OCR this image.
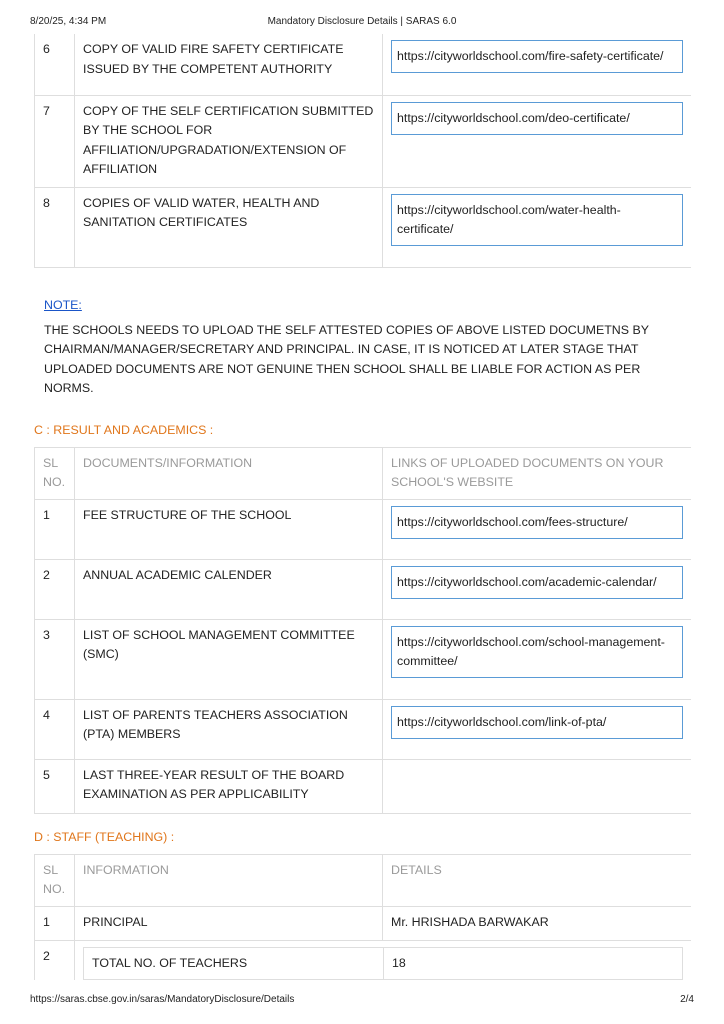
8/20/25, 4:34 PM	Mandatory Disclosure Details | SARAS 6.0
6	COPY OF VALID FIRE SAFETY CERTIFICATE ISSUED BY THE COMPETENT AUTHORITY	https://cityworldschool.com/fire-safety-certificate/

7	COPY OF THE SELF CERTIFICATION SUBMITTED BY THE SCHOOL FOR AFFILIATION/UPGRADATION/EXTENSION OF AFFILIATION	https://cityworldschool.com/deo-certificate/

8	COPIES OF VALID WATER, HEALTH AND SANITATION CERTIFICATES	https://cityworldschool.com/water-health-certificate/
NOTE:
THE SCHOOLS NEEDS TO UPLOAD THE SELF ATTESTED COPIES OF ABOVE LISTED DOCUMETNS BY CHAIRMAN/MANAGER/SECRETARY AND PRINCIPAL. IN CASE, IT IS NOTICED AT LATER STAGE THAT UPLOADED DOCUMENTS ARE NOT GENUINE THEN SCHOOL SHALL BE LIABLE FOR ACTION AS PER NORMS.
C : RESULT AND ACADEMICS :
SL NO.	DOCUMENTS/INFORMATION	LINKS OF UPLOADED DOCUMENTS ON YOUR SCHOOL'S WEBSITE
1	FEE STRUCTURE OF THE SCHOOL	https://cityworldschool.com/fees-structure/

2	ANNUAL ACADEMIC CALENDER	https://cityworldschool.com/academic-calendar/

3	LIST OF SCHOOL MANAGEMENT COMMITTEE (SMC)	https://cityworldschool.com/school-management-committee/

4	LIST OF PARENTS TEACHERS ASSOCIATION (PTA) MEMBERS	https://cityworldschool.com/link-of-pta/

5	LAST THREE-YEAR RESULT OF THE BOARD EXAMINATION AS PER APPLICABILITY	
D : STAFF (TEACHING) :
SL NO.	INFORMATION	DETAILS
1	PRINCIPAL	Mr. HRISHADA BARWAKAR
2		TOTAL NO. OF TEACHERS	18
https://saras.cbse.gov.in/saras/MandatoryDisclosure/Details	2/4
